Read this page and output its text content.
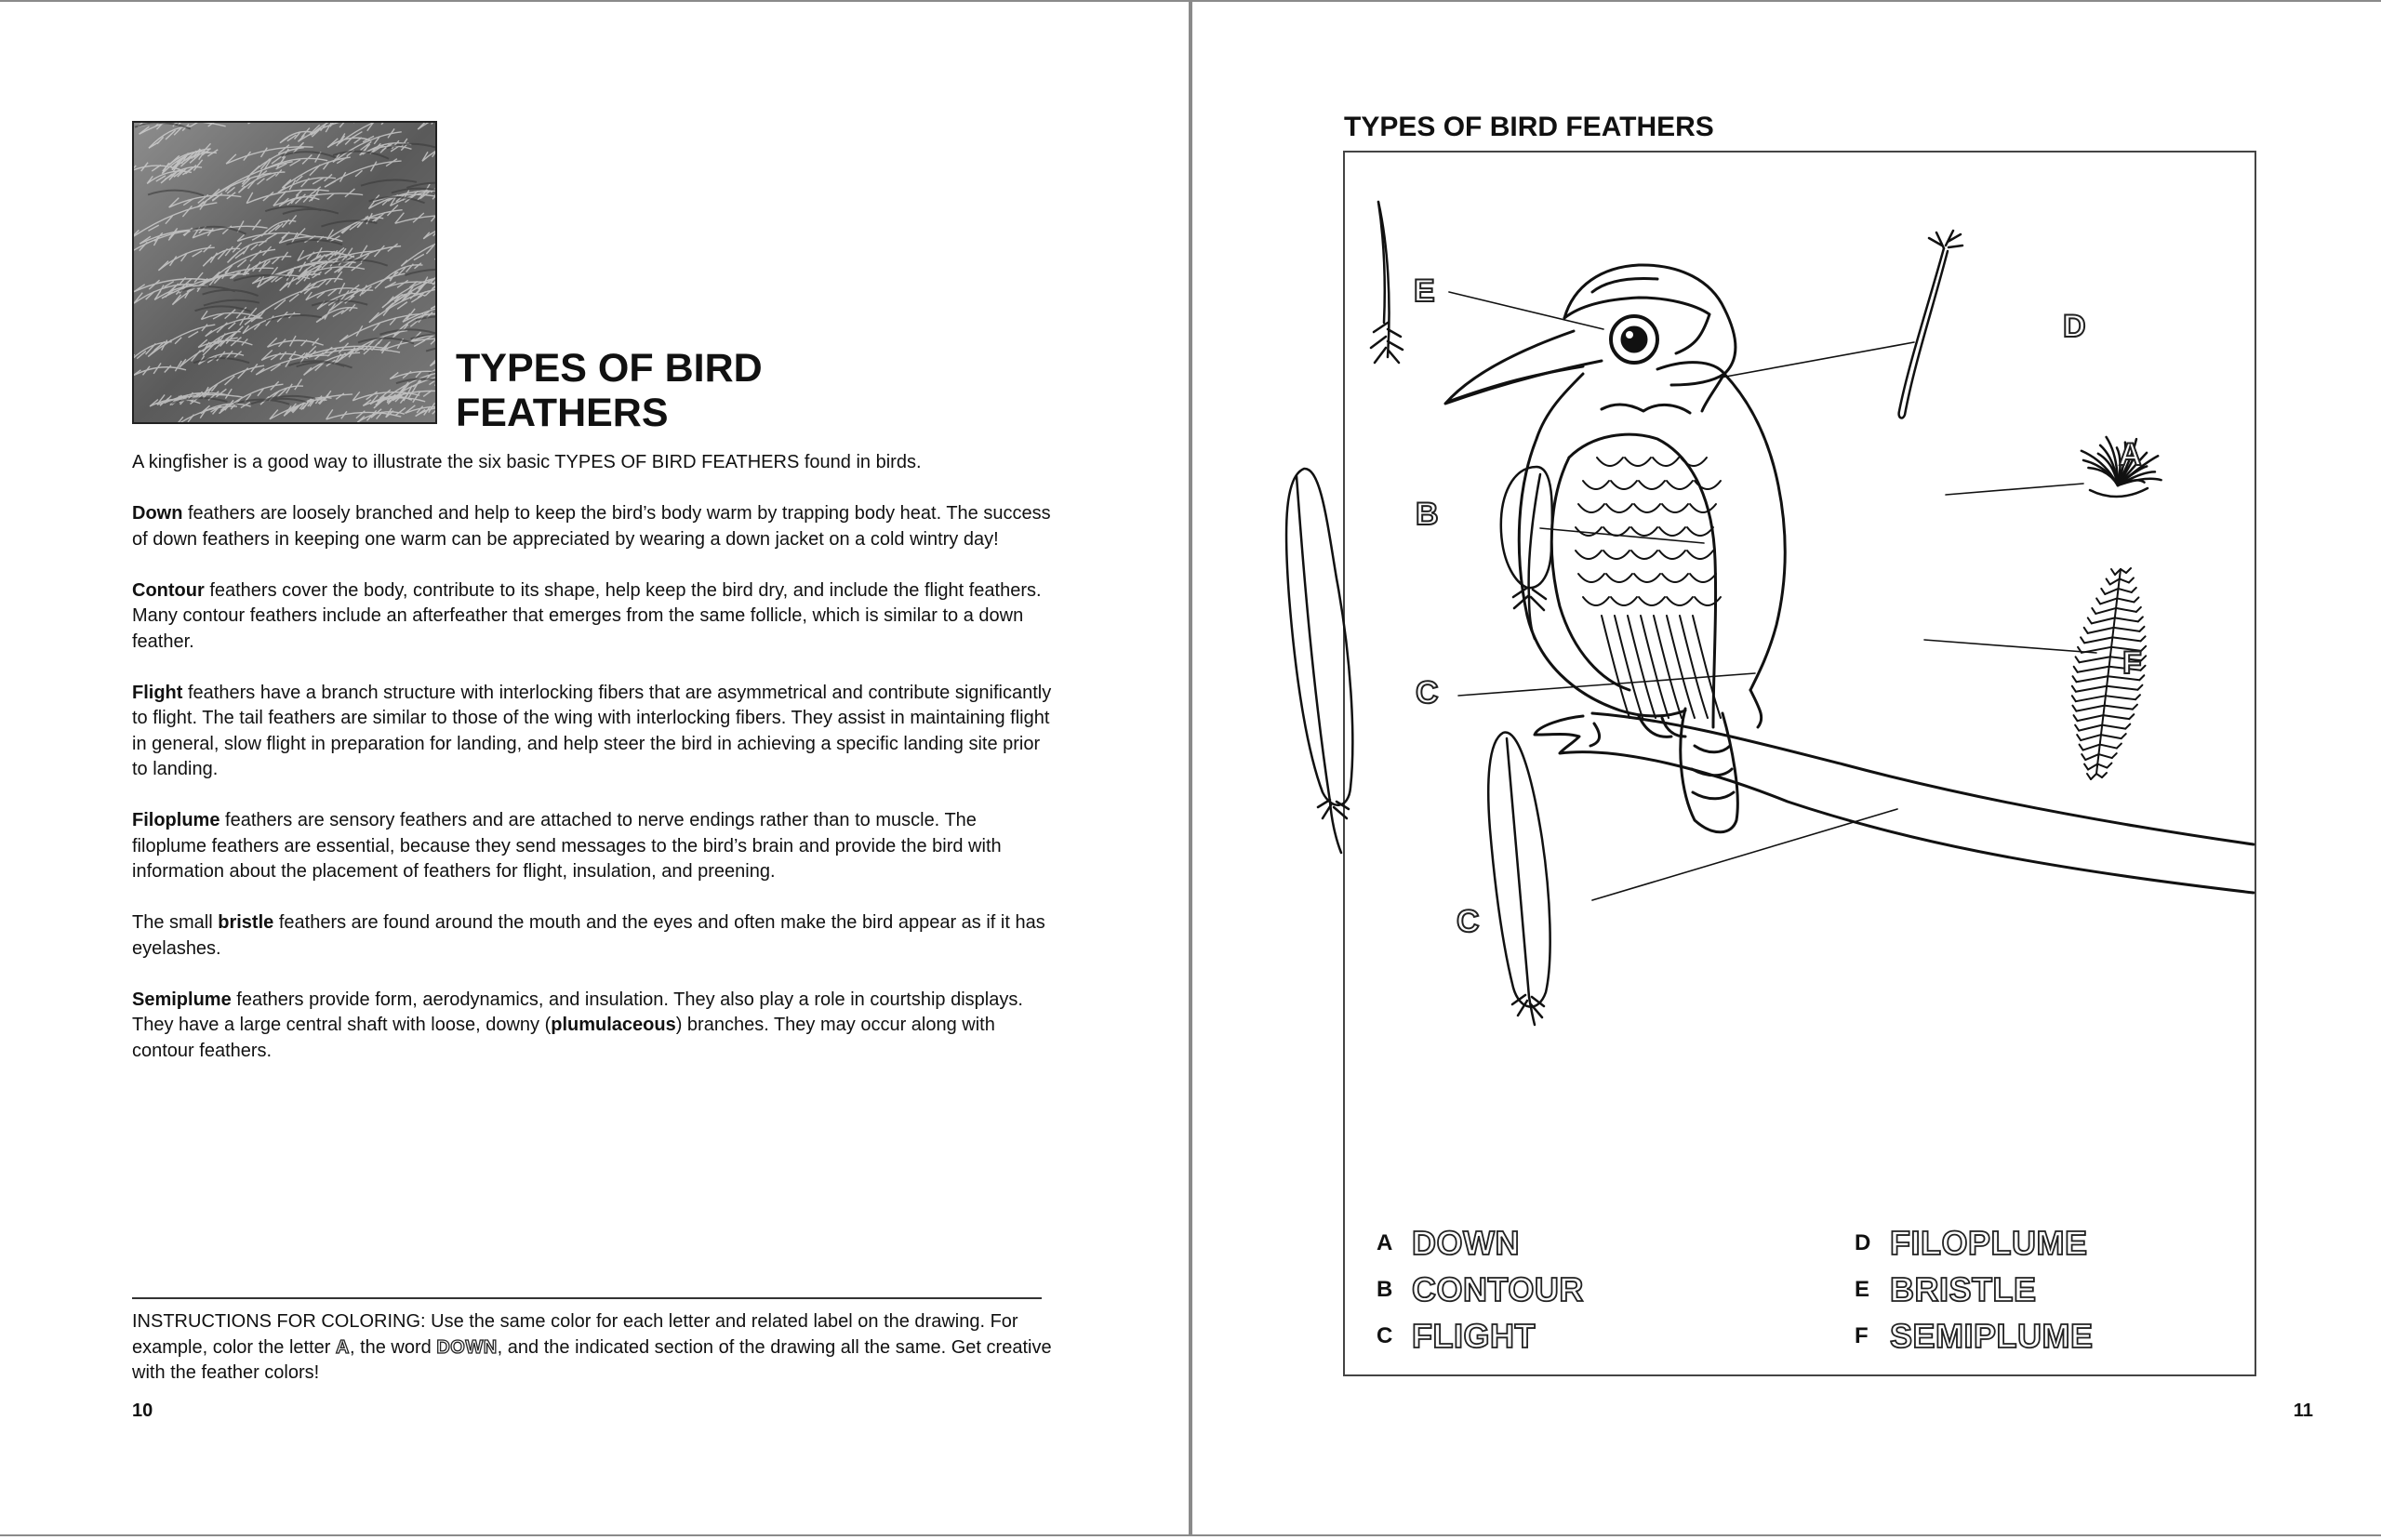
TYPES OF BIRD
FEATHERS

A kingfisher is a good way to illustrate the six basic TYPES OF BIRD FEATHERS found in birds.

Down feathers are loosely branched and help to keep the bird’s body warm by trapping body heat. The success of down feathers in keeping one warm can be appreciated by wearing a down jacket on a cold wintry day!

Contour feathers cover the body, contribute to its shape, help keep the bird dry, and include the flight feathers. Many contour feathers include an afterfeather that emerges from the same follicle, which is similar to a down feather.

Flight feathers have a branch structure with interlocking fibers that are asymmetrical and contribute significantly to flight. The tail feathers are similar to those of the wing with interlocking fibers. They assist in maintaining flight in general, slow flight in preparation for landing, and help steer the bird in achieving a specific landing site prior to landing.

Filoplume feathers are sensory feathers and are attached to nerve endings rather than to muscle. The filoplume feathers are essential, because they send messages to the bird’s brain and provide the bird with information about the placement of feathers for flight, insulation, and preening.

The small bristle feathers are found around the mouth and the eyes and often make the bird appear as if it has eyelashes.

Semiplume feathers provide form, aerodynamics, and insulation. They also play a role in courtship displays. They have a large central shaft with loose, downy (plumulaceous) branches. They may occur along with contour feathers.

INSTRUCTIONS FOR COLORING: Use the same color for each letter and related label on the drawing. For example, color the letter A, the word DOWN, and the indicated section of the drawing all the same. Get creative with the feather colors!
10
TYPES OF BIRD FEATHERS
E
D
A
B
F
C
C
A DOWN
B CONTOUR
C FLIGHT
D FILOPLUME
E BRISTLE
F SEMIPLUME
11
